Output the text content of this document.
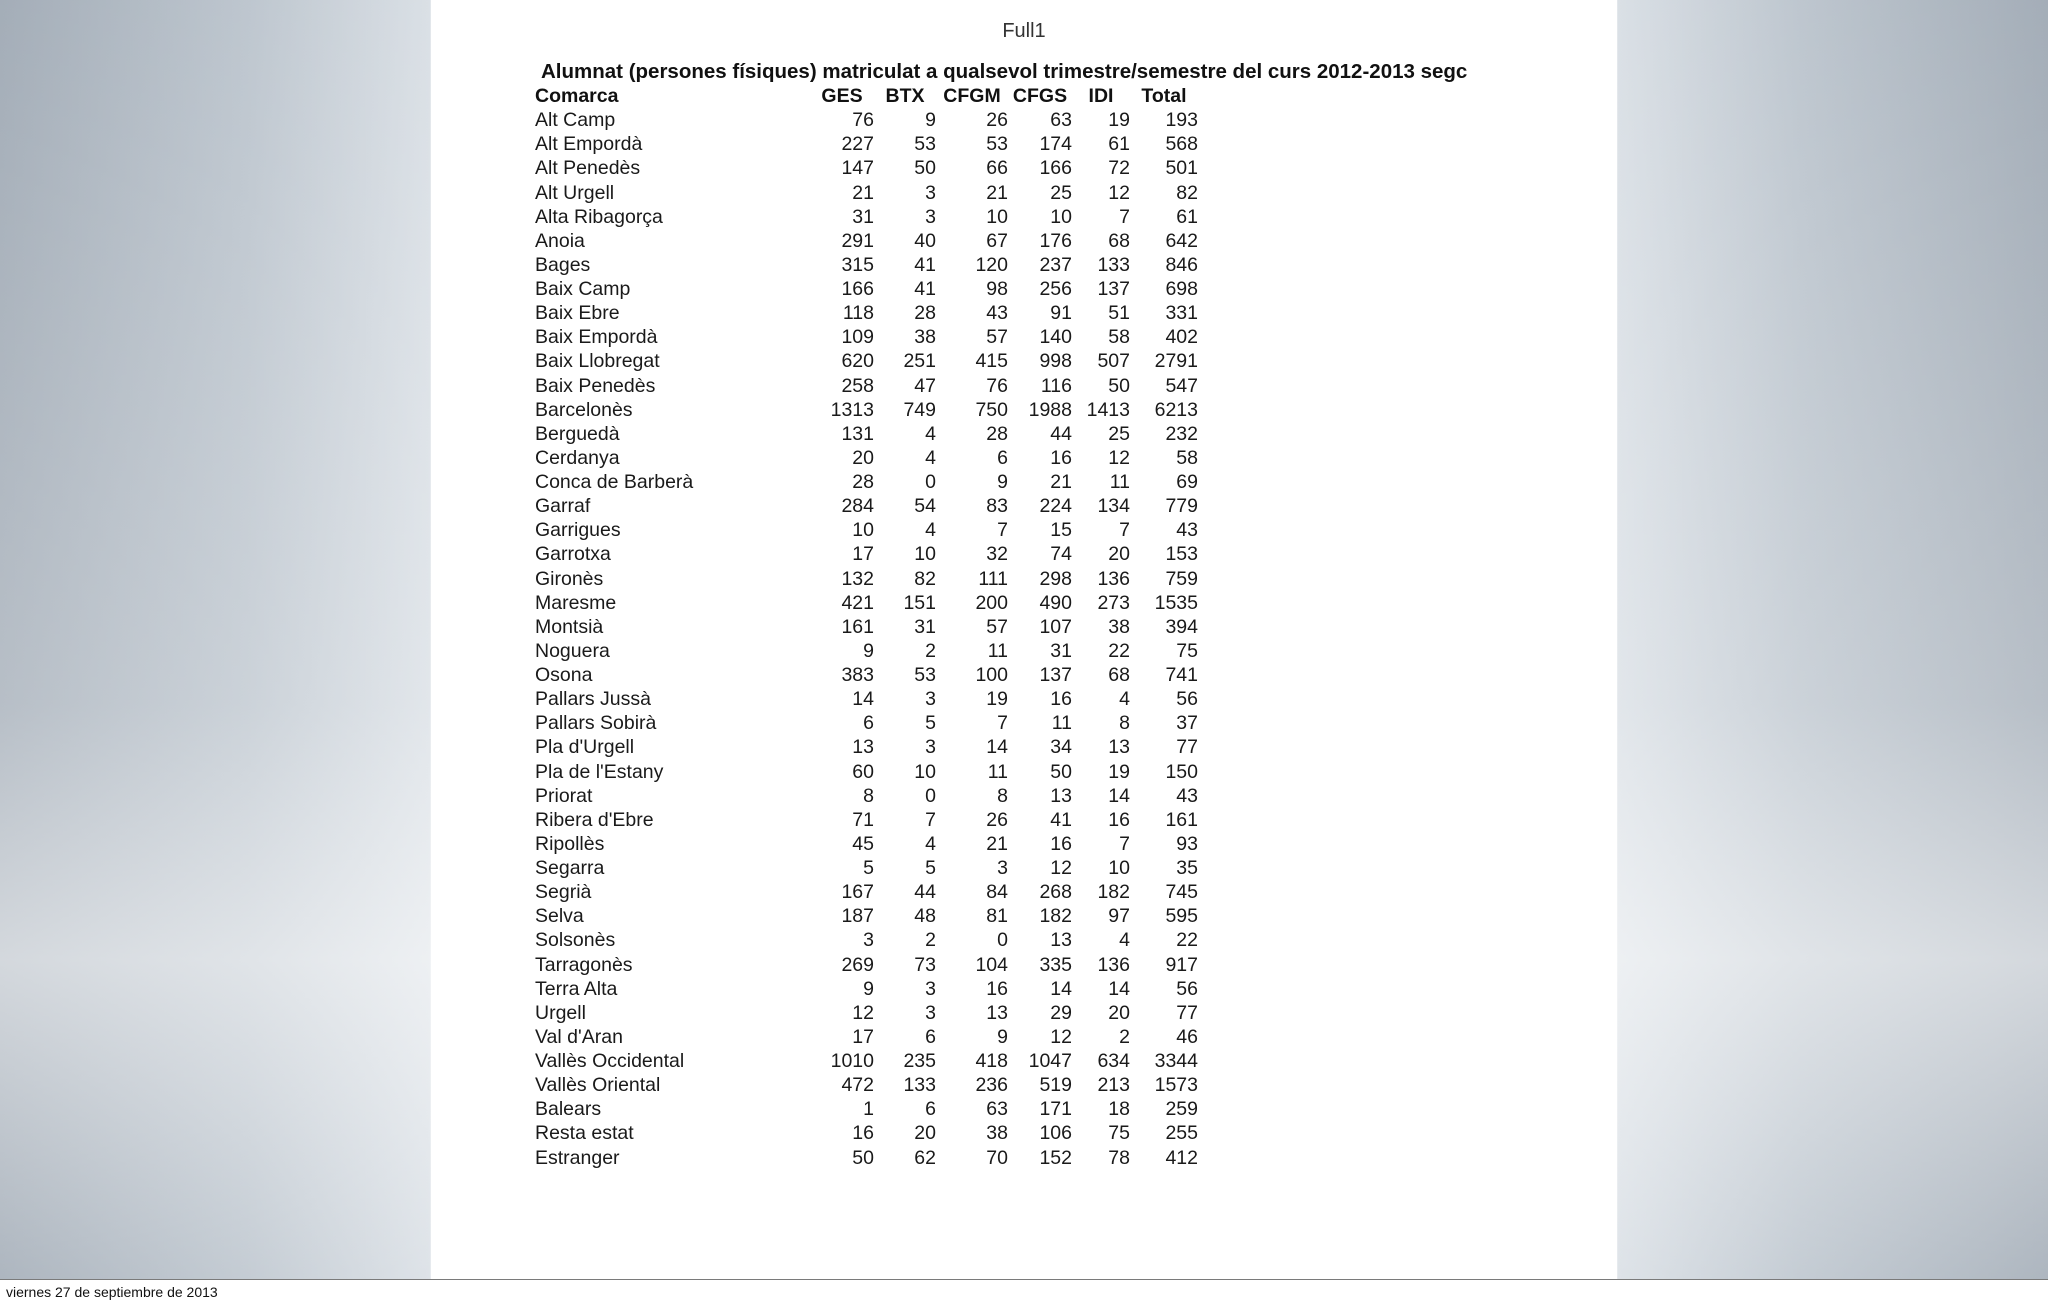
Full1
Alumnat (persones físiques) matriculat a qualsevol trimestre/semestre del curs 2012-2013 segc
Comarca	GES	BTX	CFGM	CFGS	IDI	Total
Alt Camp	76	9	26	63	19	193
Alt Empordà	227	53	53	174	61	568
Alt Penedès	147	50	66	166	72	501
Alt Urgell	21	3	21	25	12	82
Alta Ribagorça	31	3	10	10	7	61
Anoia	291	40	67	176	68	642
Bages	315	41	120	237	133	846
Baix Camp	166	41	98	256	137	698
Baix Ebre	118	28	43	91	51	331
Baix Empordà	109	38	57	140	58	402
Baix Llobregat	620	251	415	998	507	2791
Baix Penedès	258	47	76	116	50	547
Barcelonès	1313	749	750	1988	1413	6213
Berguedà	131	4	28	44	25	232
Cerdanya	20	4	6	16	12	58
Conca de Barberà	28	0	9	21	11	69
Garraf	284	54	83	224	134	779
Garrigues	10	4	7	15	7	43
Garrotxa	17	10	32	74	20	153
Gironès	132	82	111	298	136	759
Maresme	421	151	200	490	273	1535
Montsià	161	31	57	107	38	394
Noguera	9	2	11	31	22	75
Osona	383	53	100	137	68	741
Pallars Jussà	14	3	19	16	4	56
Pallars Sobirà	6	5	7	11	8	37
Pla d'Urgell	13	3	14	34	13	77
Pla de l'Estany	60	10	11	50	19	150
Priorat	8	0	8	13	14	43
Ribera d'Ebre	71	7	26	41	16	161
Ripollès	45	4	21	16	7	93
Segarra	5	5	3	12	10	35
Segrià	167	44	84	268	182	745
Selva	187	48	81	182	97	595
Solsonès	3	2	0	13	4	22
Tarragonès	269	73	104	335	136	917
Terra Alta	9	3	16	14	14	56
Urgell	12	3	13	29	20	77
Val d'Aran	17	6	9	12	2	46
Vallès Occidental	1010	235	418	1047	634	3344
Vallès Oriental	472	133	236	519	213	1573
Balears	1	6	63	171	18	259
Resta estat	16	20	38	106	75	255
Estranger	50	62	70	152	78	412
viernes 27 de septiembre de 2013
